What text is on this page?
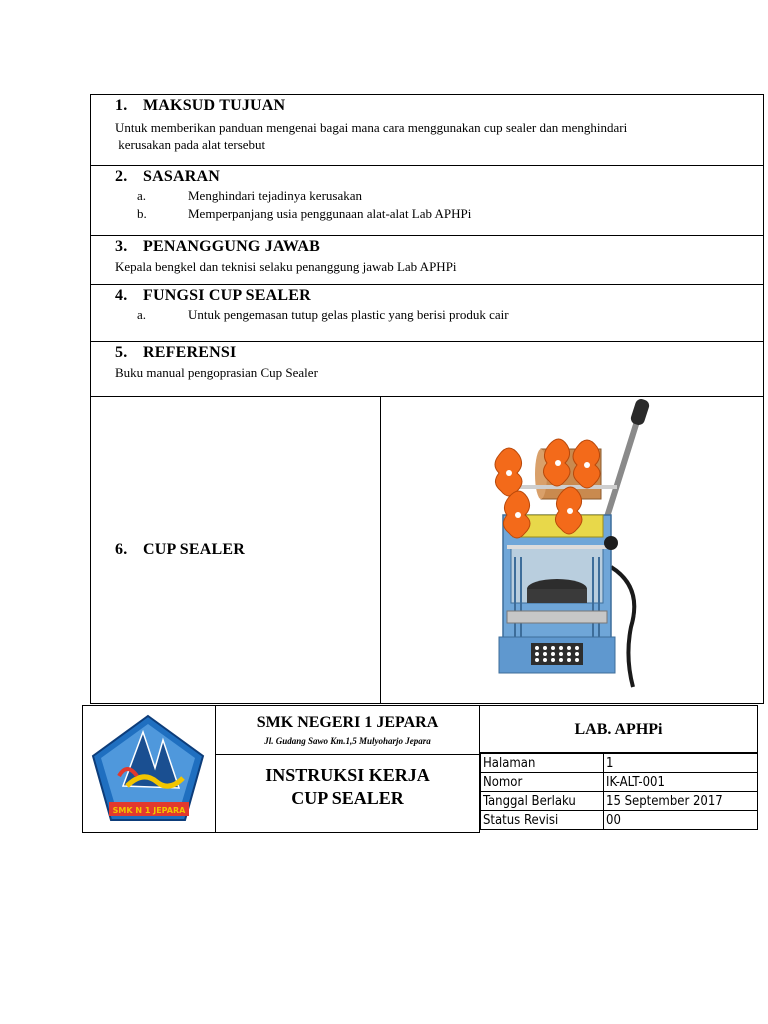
1. MAKSUD TUJUAN
Untuk memberikan panduan mengenai bagai mana cara menggunakan cup sealer dan menghindari
kerusakan pada alat tersebut
2. SASARAN
a.	Menghindari tejadinya kerusakan
b.	Memperpanjang usia penggunaan alat-alat Lab APHPi
3. PENANGGUNG JAWAB
Kepala bengkel dan teknisi selaku penanggung jawab Lab APHPi
4. FUNGSI CUP SEALER
a.	Untuk pengemasan tutup gelas plastic yang berisi produk cair
5. REFERENSI
Buku manual pengoprasian Cup Sealer
6. CUP SEALER
SMK N 1 JEPARA
SMK NEGERI 1 JEPARA
Jl. Gudang Sawo Km.1,5 Mulyoharjo Jepara
INSTRUKSI KERJA
CUP SEALER
LAB. APHPi
Halaman	1
Nomor	IK-ALT-001
Tanggal Berlaku	15 September 2017
Status Revisi	00
